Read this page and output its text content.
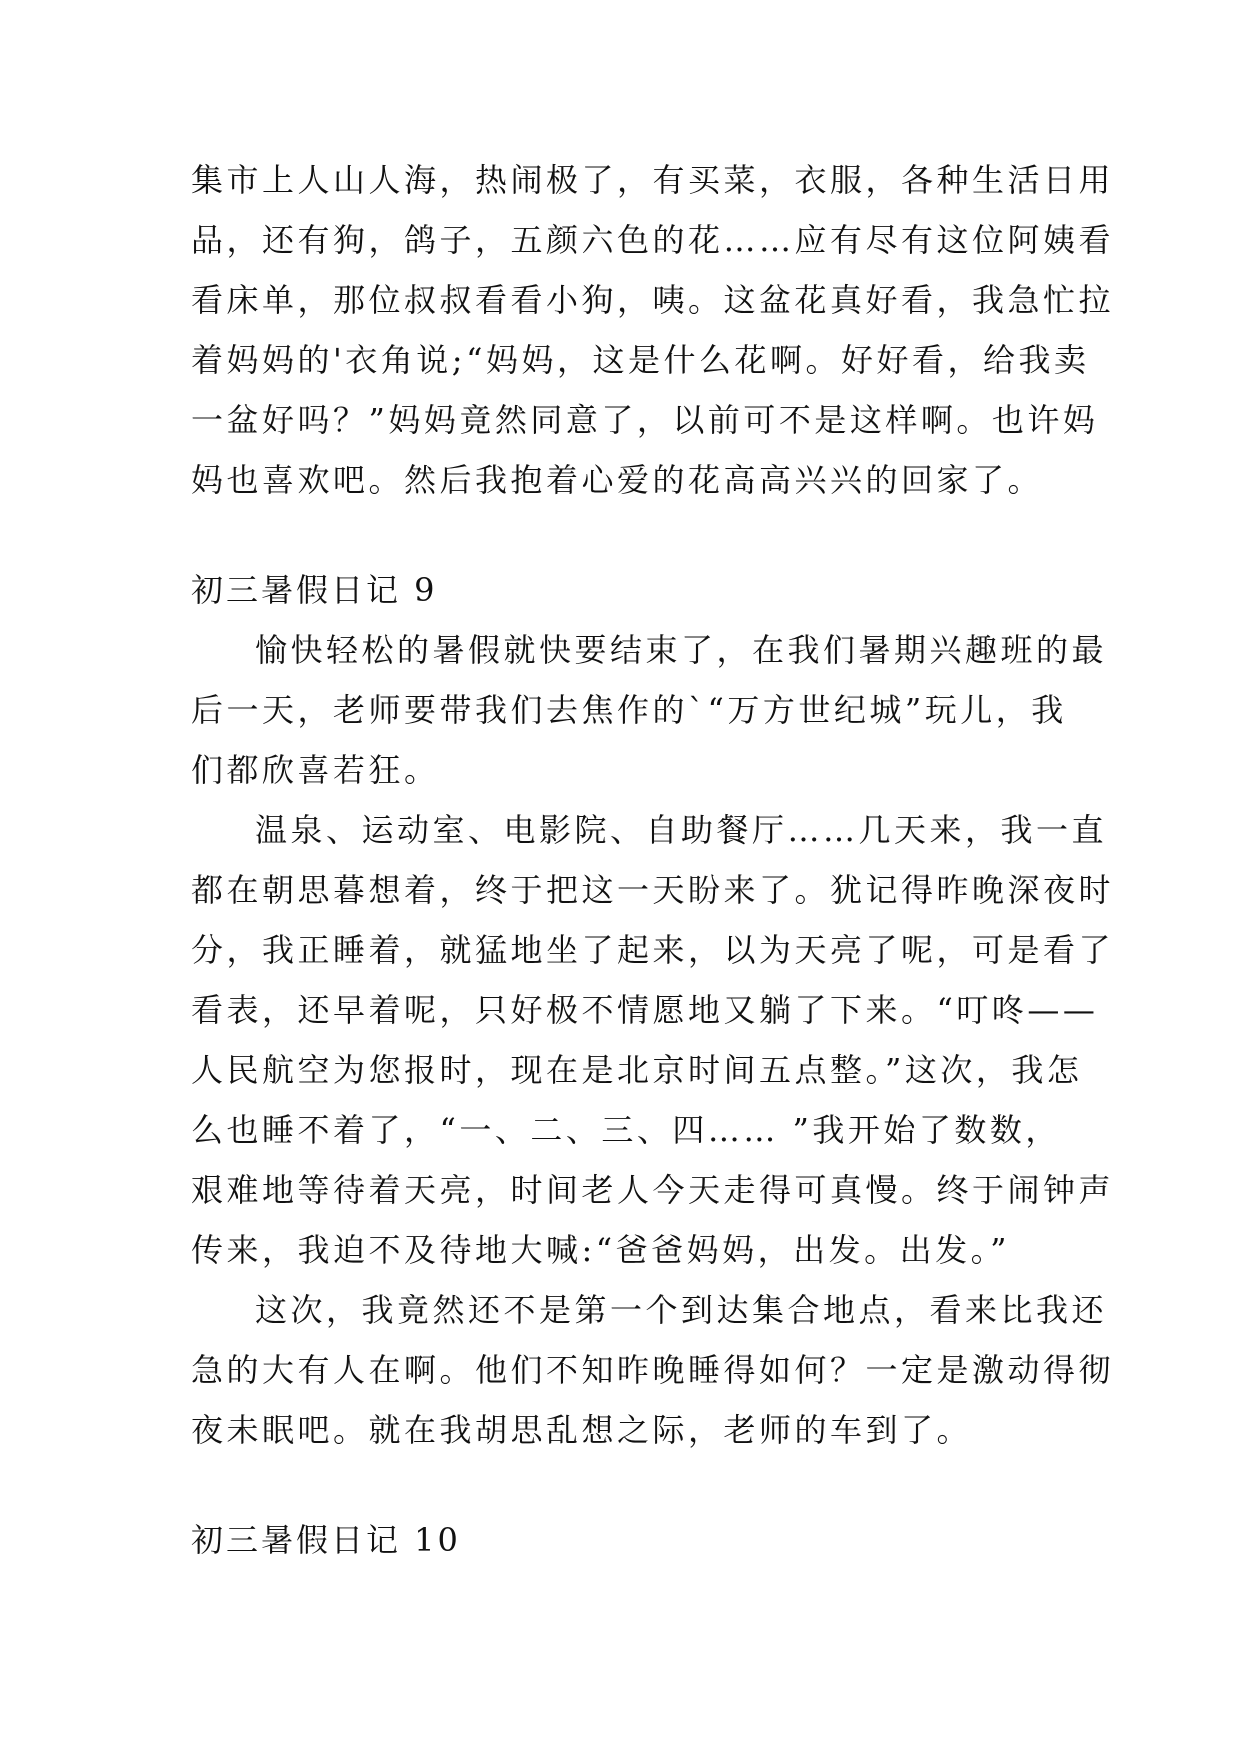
集市上人山人海，热闹极了，有买菜，衣服，各种生活日用
品，还有狗，鸽子，五颜六色的花……应有尽有这位阿姨看
看床单，那位叔叔看看小狗，咦。这盆花真好看，我急忙拉
着妈妈的'衣角说;“妈妈，这是什么花啊。好好看，给我卖
一盆好吗？”妈妈竟然同意了，以前可不是这样啊。也许妈
妈也喜欢吧。然后我抱着心爱的花高高兴兴的回家了。
初三暑假日记 9
愉快轻松的暑假就快要结束了，在我们暑期兴趣班的最
后一天，老师要带我们去焦作的`“万方世纪城”玩儿，我
们都欣喜若狂。
温泉、运动室、电影院、自助餐厅……几天来，我一直
都在朝思暮想着，终于把这一天盼来了。犹记得昨晚深夜时
分，我正睡着，就猛地坐了起来，以为天亮了呢，可是看了
看表，还早着呢，只好极不情愿地又躺了下来。“叮咚——
人民航空为您报时，现在是北京时间五点整。”这次，我怎
么也睡不着了，“一、二、三、四…… ”我开始了数数，
艰难地等待着天亮，时间老人今天走得可真慢。终于闹钟声
传来，我迫不及待地大喊:“爸爸妈妈，出发。出发。”
这次，我竟然还不是第一个到达集合地点，看来比我还
急的大有人在啊。他们不知昨晚睡得如何？一定是激动得彻
夜未眠吧。就在我胡思乱想之际，老师的车到了。
初三暑假日记 10
